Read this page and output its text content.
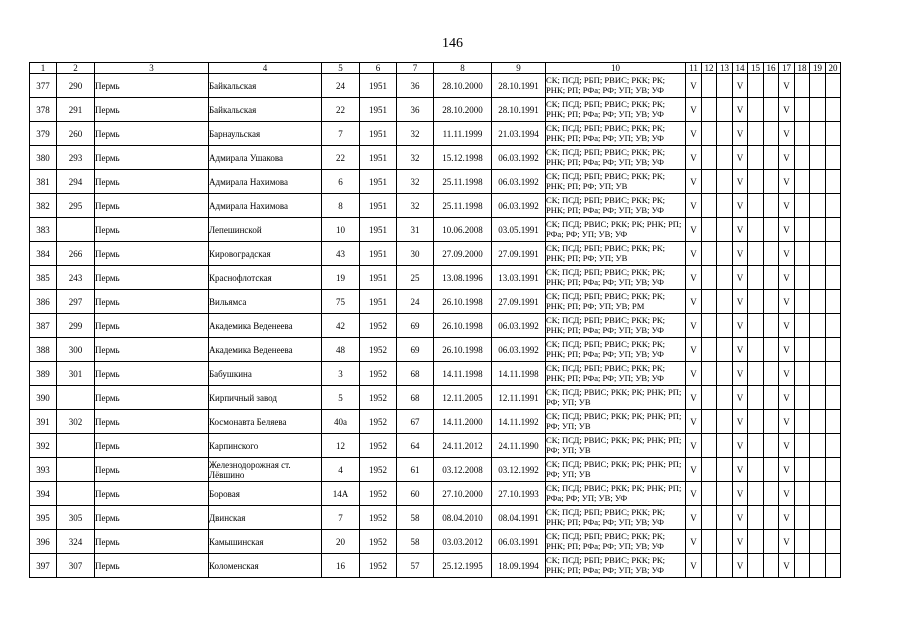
146
1	2	3	4	5	6	7	8	9	10	11	12	13	14	15	16	17	18	19	20
377	290	Пермь	Байкальская	24	1951	36	28.10.2000	28.10.1991	СК; ПСД; РБП; РВИС; РКК; РК; РНК; РП; РФа; РФ; УП; УВ; УФ	V			V			V			
378	291	Пермь	Байкальская	22	1951	36	28.10.2000	28.10.1991	СК; ПСД; РБП; РВИС; РКК; РК; РНК; РП; РФа; РФ; УП; УВ; УФ	V			V			V			
379	260	Пермь	Барнаульская	7	1951	32	11.11.1999	21.03.1994	СК; ПСД; РБП; РВИС; РКК; РК; РНК; РП; РФа; РФ; УП; УВ; УФ	V			V			V			
380	293	Пермь	Адмирала Ушакова	22	1951	32	15.12.1998	06.03.1992	СК; ПСД; РБП; РВИС; РКК; РК; РНК; РП; РФа; РФ; УП; УВ; УФ	V			V			V			
381	294	Пермь	Адмирала Нахимова	6	1951	32	25.11.1998	06.03.1992	СК; ПСД; РБП; РВИС; РКК; РК; РНК; РП; РФ; УП; УВ	V			V			V			
382	295	Пермь	Адмирала Нахимова	8	1951	32	25.11.1998	06.03.1992	СК; ПСД; РБП; РВИС; РКК; РК; РНК; РП; РФа; РФ; УП; УВ; УФ	V			V			V			
383		Пермь	Лепешинской	10	1951	31	10.06.2008	03.05.1991	СК; ПСД; РВИС; РКК; РК; РНК; РП; РФа; РФ; УП; УВ; УФ	V			V			V			
384	266	Пермь	Кировоградская	43	1951	30	27.09.2000	27.09.1991	СК; ПСД; РБП; РВИС; РКК; РК; РНК; РП; РФ; УП; УВ	V			V			V			
385	243	Пермь	Краснофлотская	19	1951	25	13.08.1996	13.03.1991	СК; ПСД; РБП; РВИС; РКК; РК; РНК; РП; РФа; РФ; УП; УВ; УФ	V			V			V			
386	297	Пермь	Вильямса	75	1951	24	26.10.1998	27.09.1991	СК; ПСД; РБП; РВИС; РКК; РК; РНК; РП; РФ; УП; УВ; РМ	V			V			V			
387	299	Пермь	Академика Веденеева	42	1952	69	26.10.1998	06.03.1992	СК; ПСД; РБП; РВИС; РКК; РК; РНК; РП; РФа; РФ; УП; УВ; УФ	V			V			V			
388	300	Пермь	Академика Веденеева	48	1952	69	26.10.1998	06.03.1992	СК; ПСД; РБП; РВИС; РКК; РК; РНК; РП; РФа; РФ; УП; УВ; УФ	V			V			V			
389	301	Пермь	Бабушкина	3	1952	68	14.11.1998	14.11.1998	СК; ПСД; РБП; РВИС; РКК; РК; РНК; РП; РФа; РФ; УП; УВ; УФ	V			V			V			
390		Пермь	Кирпичный завод	5	1952	68	12.11.2005	12.11.1991	СК; ПСД; РВИС; РКК; РК; РНК; РП; РФ; УП; УВ	V			V			V			
391	302	Пермь	Космонавта Беляева	40а	1952	67	14.11.2000	14.11.1992	СК; ПСД; РВИС; РКК; РК; РНК; РП; РФ; УП; УВ	V			V			V			
392		Пермь	Карпинского	12	1952	64	24.11.2012	24.11.1990	СК; ПСД; РВИС; РКК; РК; РНК; РП; РФ; УП; УВ	V			V			V			
393		Пермь	Железнодорожная ст. Лёвшино	4	1952	61	03.12.2008	03.12.1992	СК; ПСД; РВИС; РКК; РК; РНК; РП; РФ; УП; УВ	V			V			V			
394		Пермь	Боровая	14А	1952	60	27.10.2000	27.10.1993	СК; ПСД; РВИС; РКК; РК; РНК; РП; РФа; РФ; УП; УВ; УФ	V			V			V			
395	305	Пермь	Двинская	7	1952	58	08.04.2010	08.04.1991	СК; ПСД; РБП; РВИС; РКК; РК; РНК; РП; РФа; РФ; УП; УВ; УФ	V			V			V			
396	324	Пермь	Камышинская	20	1952	58	03.03.2012	06.03.1991	СК; ПСД; РБП; РВИС; РКК; РК; РНК; РП; РФа; РФ; УП; УВ; УФ	V			V			V			
397	307	Пермь	Коломенская	16	1952	57	25.12.1995	18.09.1994	СК; ПСД; РБП; РВИС; РКК; РК; РНК; РП; РФа; РФ; УП; УВ; УФ	V			V			V			
